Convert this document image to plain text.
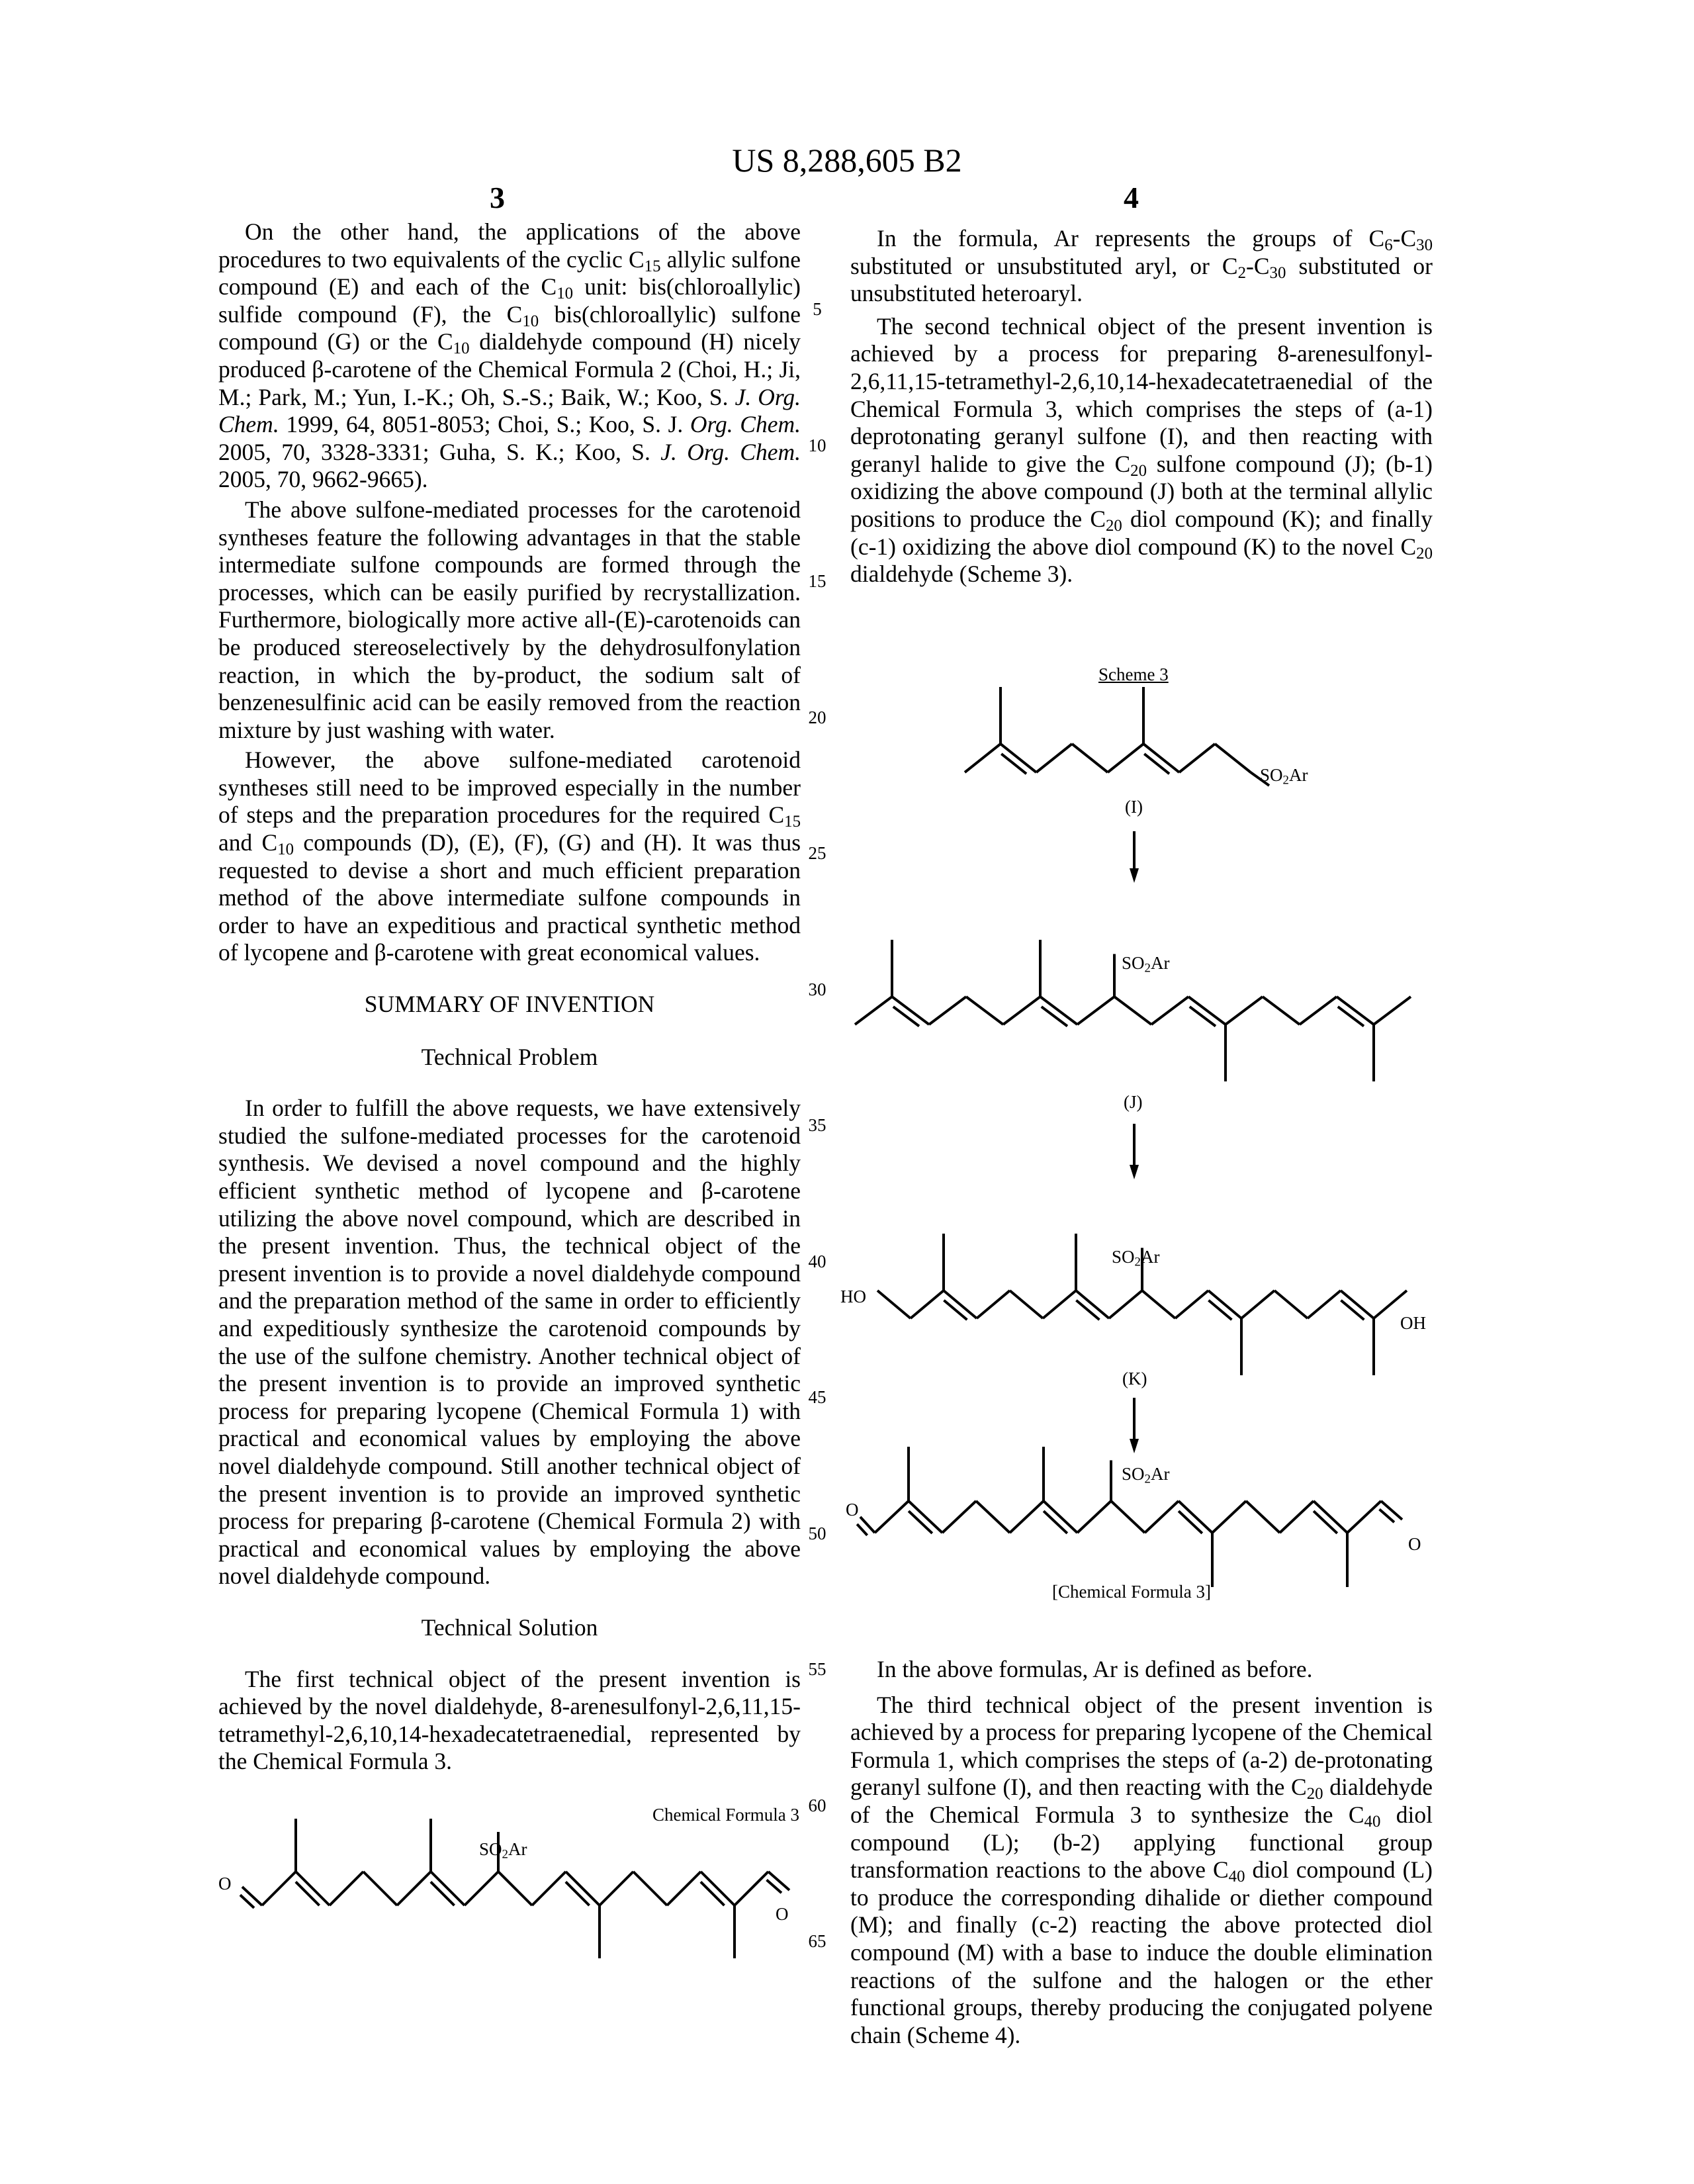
US 8,288,605 B2
3	4
On the other hand, the applications of the above procedures to two equivalents of the cyclic C15 allylic sulfone compound (E) and each of the C10 unit: bis(chloroallylic) sulfide compound (F), the C10 bis(chloroallylic) sulfone compound (G) or the C10 dialdehyde compound (H) nicely produced β-carotene of the Chemical Formula 2 (Choi, H.; Ji, M.; Park, M.; Yun, I.-K.; Oh, S.-S.; Baik, W.; Koo, S. J. Org. Chem. 1999, 64, 8051-8053; Choi, S.; Koo, S. J. Org. Chem. 2005, 70, 3328-3331; Guha, S. K.; Koo, S. J. Org. Chem. 2005, 70, 9662-9665).
The above sulfone-mediated processes for the carotenoid syntheses feature the following advantages in that the stable intermediate sulfone compounds are formed through the processes, which can be easily purified by recrystallization. Furthermore, biologically more active all-(E)-carotenoids can be produced stereoselectively by the dehydrosulfonylation reaction, in which the by-product, the sodium salt of benzenesulfinic acid can be easily removed from the reaction mixture by just washing with water.
However, the above sulfone-mediated carotenoid syntheses still need to be improved especially in the number of steps and the preparation procedures for the required C15 and C10 compounds (D), (E), (F), (G) and (H). It was thus requested to devise a short and much efficient preparation method of the above intermediate sulfone compounds in order to have an expeditious and practical synthetic method of lycopene and β-carotene with great economical values.
SUMMARY OF INVENTION
Technical Problem
In order to fulfill the above requests, we have extensively studied the sulfone-mediated processes for the carotenoid synthesis. We devised a novel compound and the highly efficient synthetic method of lycopene and β-carotene utilizing the above novel compound, which are described in the present invention. Thus, the technical object of the present invention is to provide a novel dialdehyde compound and the preparation method of the same in order to efficiently and expeditiously synthesize the carotenoid compounds by the use of the sulfone chemistry. Another technical object of the present invention is to provide an improved synthetic process for preparing lycopene (Chemical Formula 1) with practical and economical values by employing the above novel dialdehyde compound. Still another technical object of the present invention is to provide an improved synthetic process for preparing β-carotene (Chemical Formula 2) with practical and economical values by employing the above novel dialdehyde compound.
Technical Solution
The first technical object of the present invention is achieved by the novel dialdehyde, 8-arenesulfonyl-2,6,11,15-tetramethyl-2,6,10,14-hexadecatetraenedial, represented by the Chemical Formula 3.
Chemical Formula 3
SO2Ar
O
O
5
10
15
20
25
30
35
40
45
50
55
60
65
In the formula, Ar represents the groups of C6-C30 substituted or unsubstituted aryl, or C2-C30 substituted or unsubstituted heteroaryl.
The second technical object of the present invention is achieved by a process for preparing 8-arenesulfonyl-2,6,11,15-tetramethyl-2,6,10,14-hexadecatetraenedial of the Chemical Formula 3, which comprises the steps of (a-1) deprotonating geranyl sulfone (I), and then reacting with geranyl halide to give the C20 sulfone compound (J); (b-1) oxidizing the above compound (J) both at the terminal allylic positions to produce the C20 diol compound (K); and finally (c-1) oxidizing the above diol compound (K) to the novel C20 dialdehyde (Scheme 3).
Scheme 3
SO2Ar
(I)
SO2Ar
(J)
SO2Ar
HO
OH
(K)
SO2Ar
O
O
[Chemical Formula 3]
In the above formulas, Ar is defined as before.
The third technical object of the present invention is achieved by a process for preparing lycopene of the Chemical Formula 1, which comprises the steps of (a-2) de-protonating geranyl sulfone (I), and then reacting with the C20 dialdehyde of the Chemical Formula 3 to synthesize the C40 diol compound (L); (b-2) applying functional group transformation reactions to the above C40 diol compound (L) to produce the corresponding dihalide or diether compound (M); and finally (c-2) reacting the above protected diol compound (M) with a base to induce the double elimination reactions of the sulfone and the halogen or the ether functional groups, thereby producing the conjugated polyene chain (Scheme 4).
